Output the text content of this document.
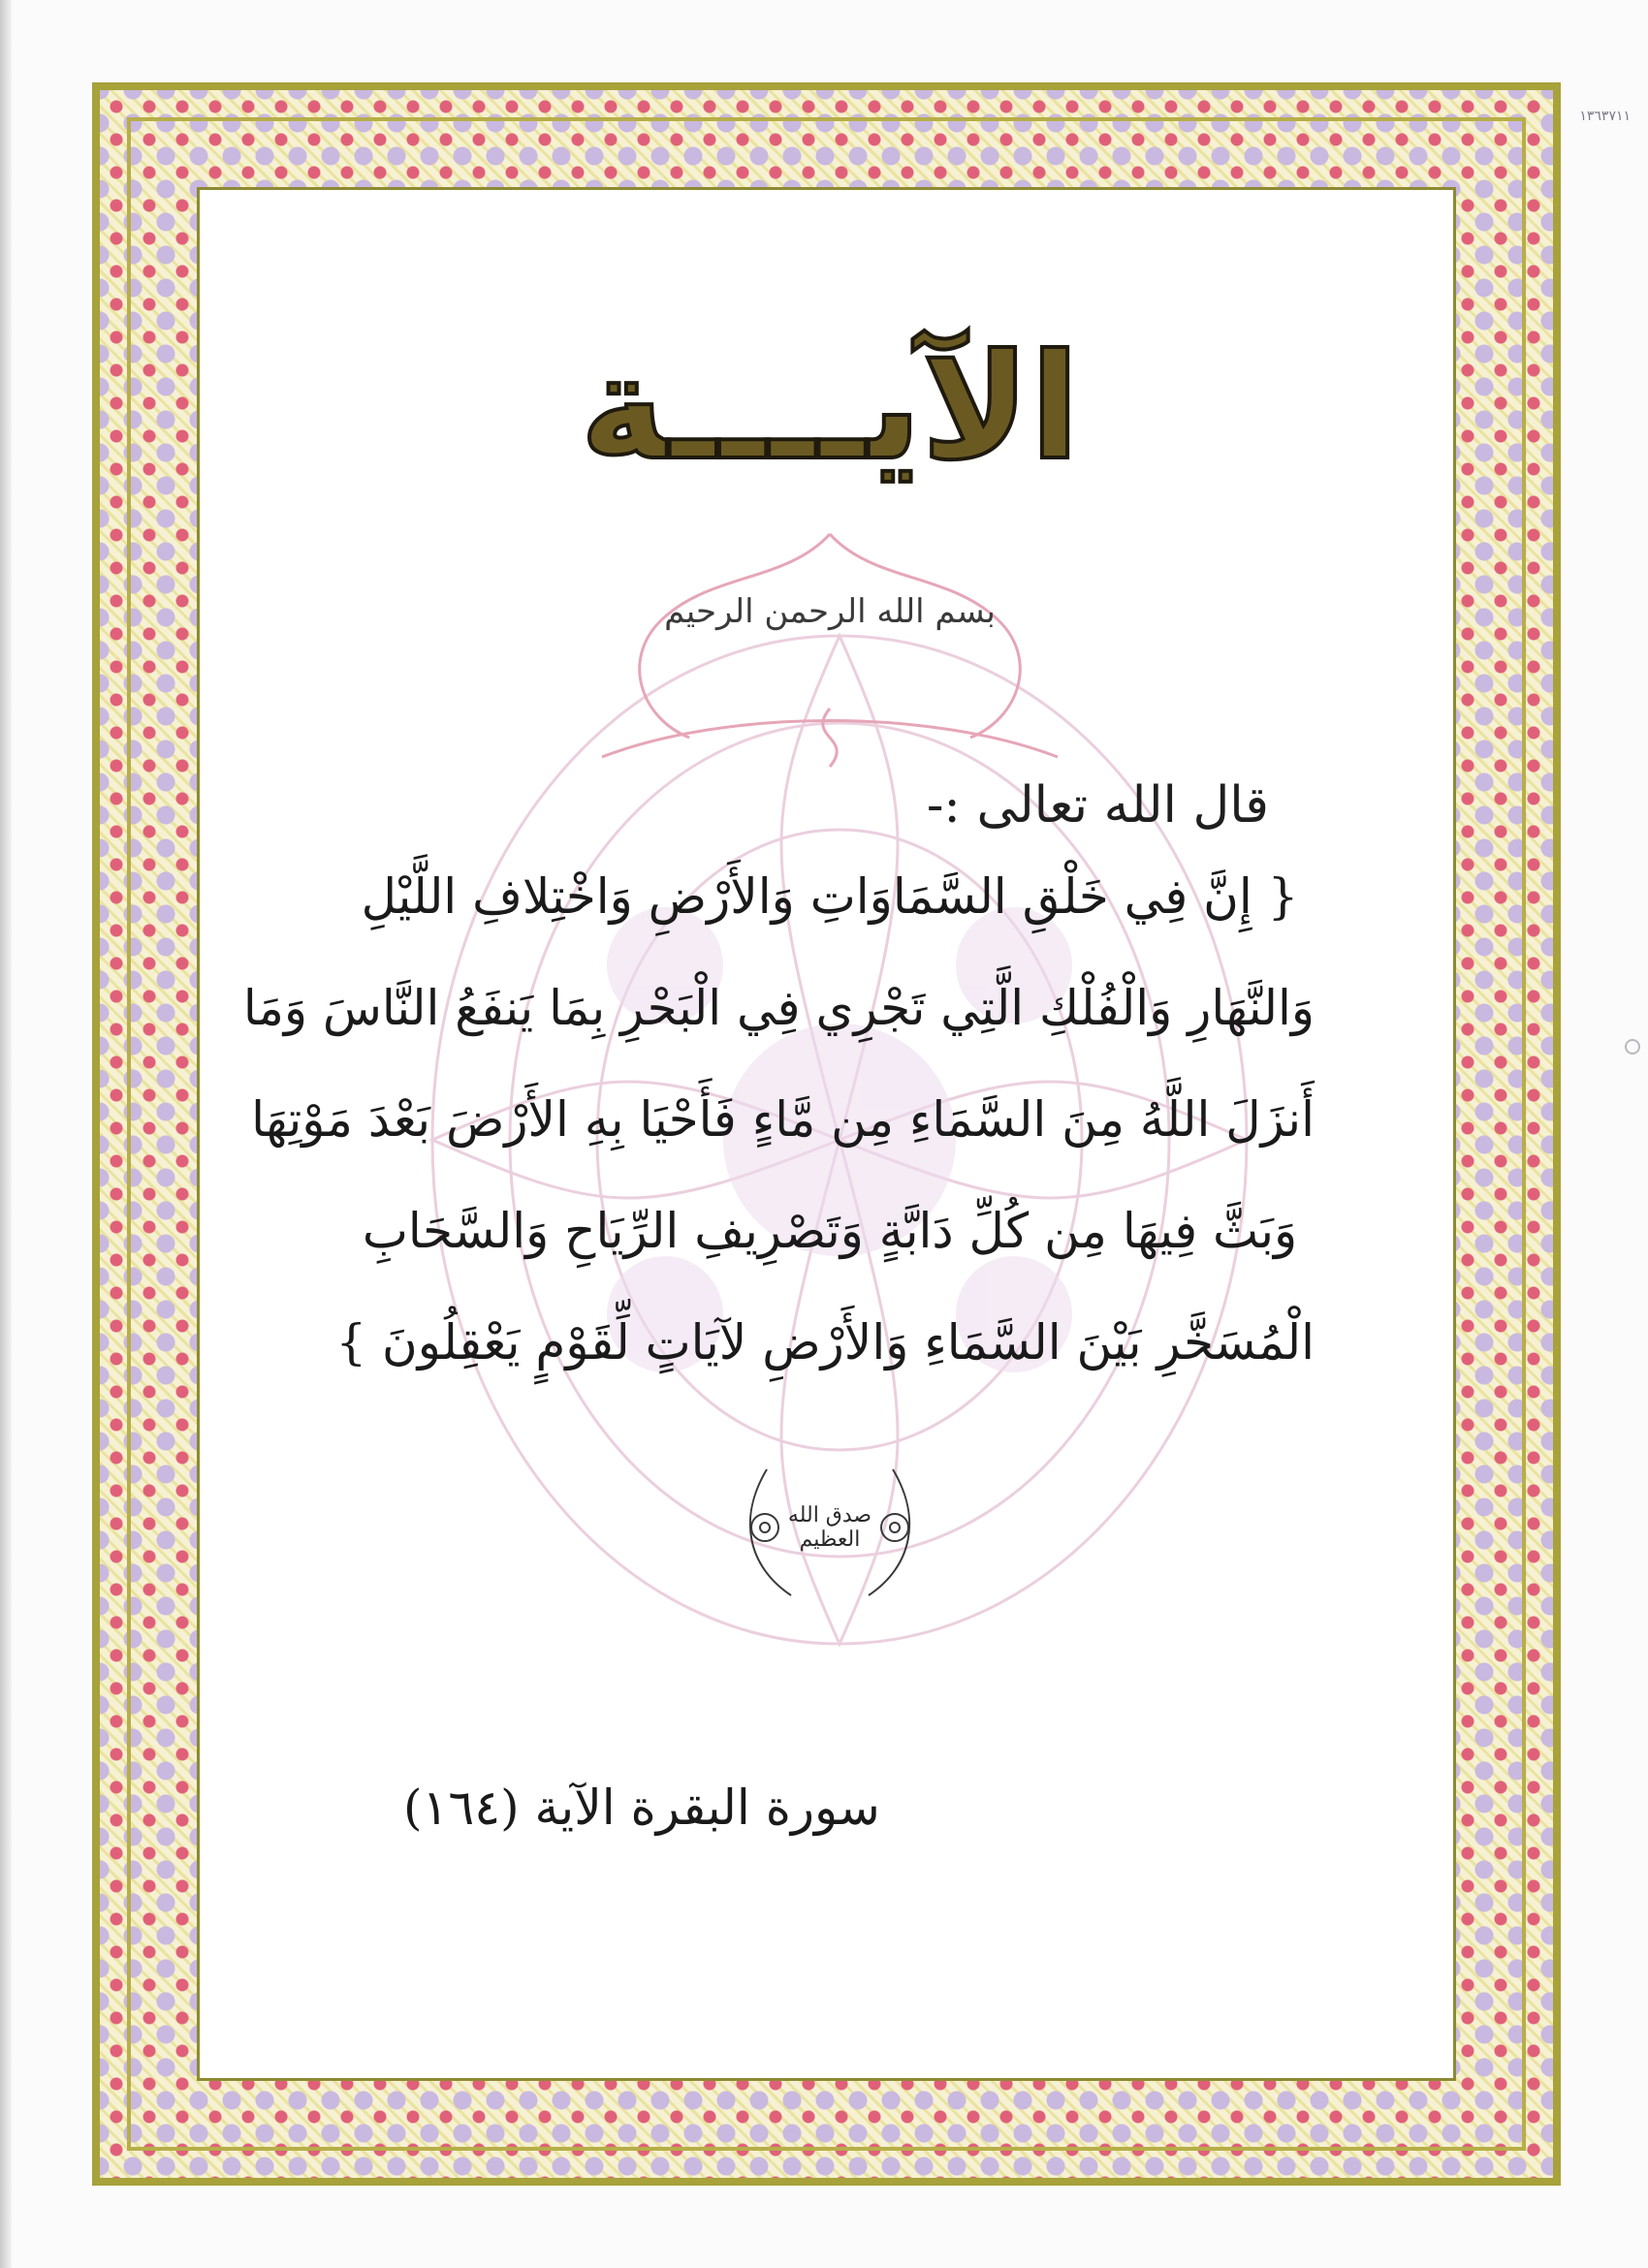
١٣٦٣٧١١
الآيــــة
بسم الله الرحمن الرحيم
قال الله تعالى :-
{ إِنَّ فِي خَلْقِ السَّمَاوَاتِ وَالأَرْضِ وَاخْتِلافِ اللَّيْلِ
وَالنَّهَارِ وَالْفُلْكِ الَّتِي تَجْرِي فِي الْبَحْرِ بِمَا يَنفَعُ النَّاسَ وَمَا
أَنزَلَ اللَّهُ مِنَ السَّمَاءِ مِن مَّاءٍ فَأَحْيَا بِهِ الأَرْضَ بَعْدَ مَوْتِهَا
وَبَثَّ فِيهَا مِن كُلِّ دَابَّةٍ وَتَصْرِيفِ الرِّيَاحِ وَالسَّحَابِ
الْمُسَخَّرِ بَيْنَ السَّمَاءِ وَالأَرْضِ لآيَاتٍ لِّقَوْمٍ يَعْقِلُونَ }
صدق الله العظيم
سورة البقرة الآية (١٦٤)
